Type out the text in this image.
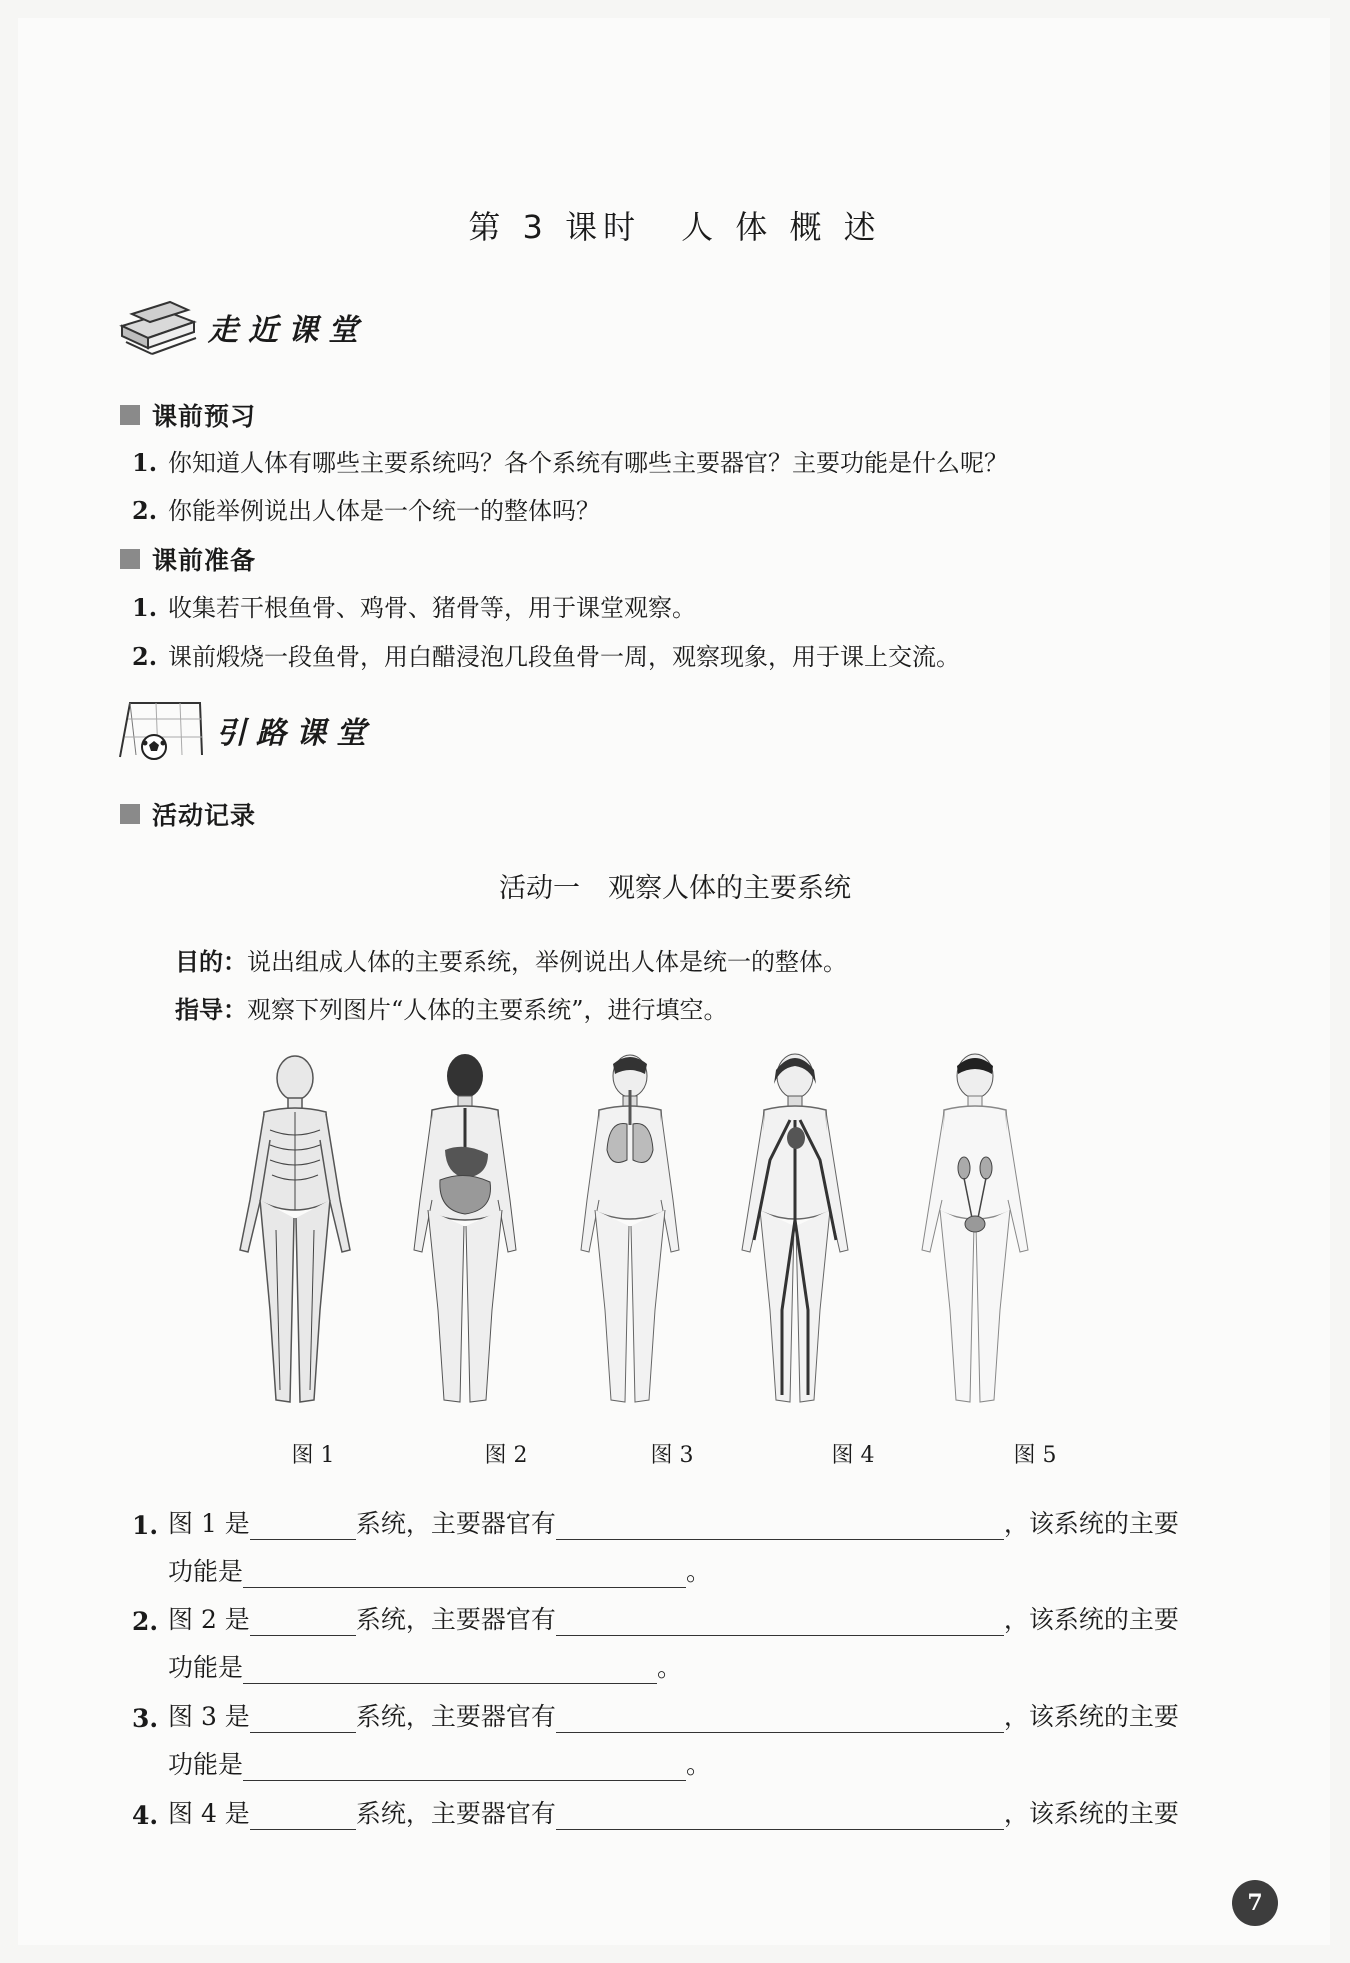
第 3 课时 人 体 概 述
走近课堂
课前预习
1. 你知道人体有哪些主要系统吗？各个系统有哪些主要器官？主要功能是什么呢？
2. 你能举例说出人体是一个统一的整体吗？
课前准备
1. 收集若干根鱼骨、鸡骨、猪骨等，用于课堂观察。
2. 课前煅烧一段鱼骨，用白醋浸泡几段鱼骨一周，观察现象，用于课上交流。
引路课堂
活动记录
活动一 观察人体的主要系统
目的：说出组成人体的主要系统，举例说出人体是统一的整体。
指导：观察下列图片“人体的主要系统”，进行填空。
图 1	图 2	图 3	图 4	图 5
1. 图 1 是	系统，主要器官有	，该系统的主要
功能是	。
2. 图 2 是	系统，主要器官有	，该系统的主要
功能是	。
3. 图 3 是	系统，主要器官有	，该系统的主要
功能是	。
4. 图 4 是	系统，主要器官有	，该系统的主要
7
